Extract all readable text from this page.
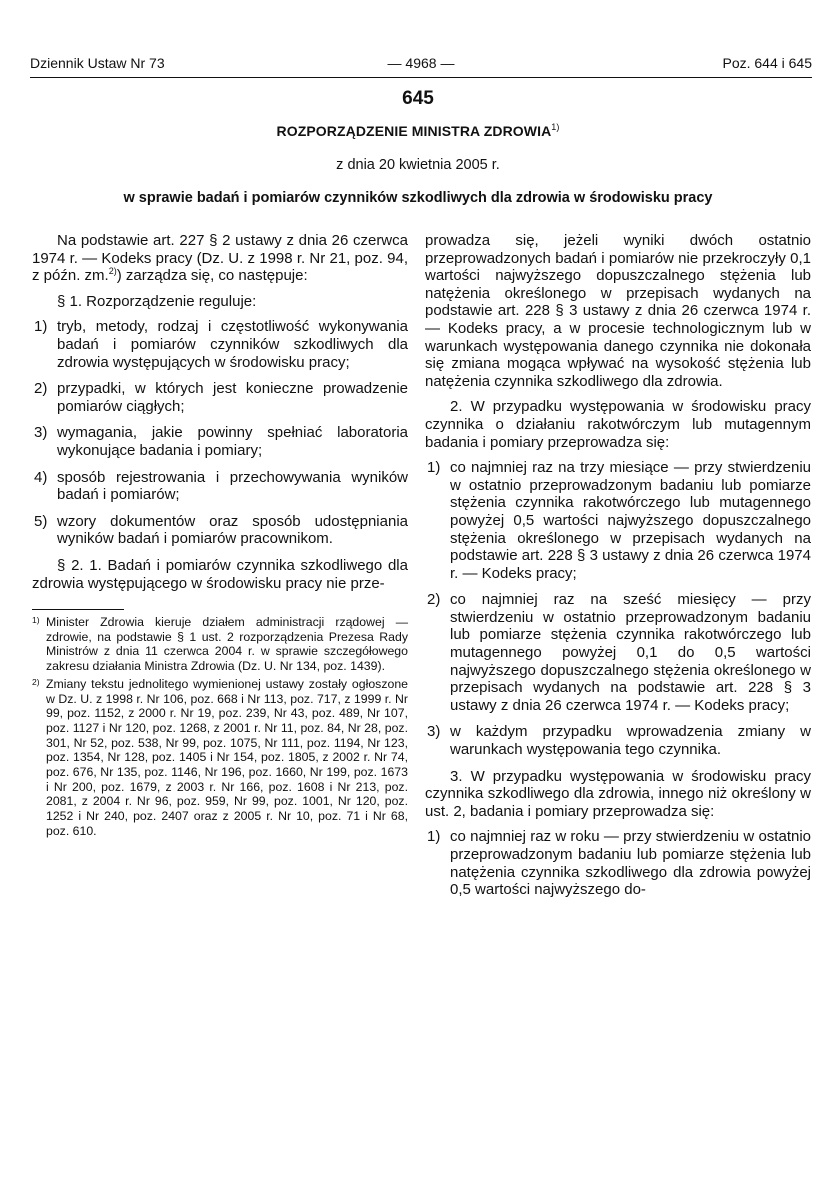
Dziennik Ustaw Nr 73	— 4968 —	Poz. 644 i 645
645
ROZPORZĄDZENIE MINISTRA ZDROWIA$^{1)}$
z dnia 20 kwietnia 2005 r.
w sprawie badań i pomiarów czynników szkodliwych dla zdrowia w środowisku pracy

Na podstawie art. 227 § 2 ustawy z dnia 26 czerwca 1974 r. — Kodeks pracy (Dz. U. z 1998 r. Nr 21, poz. 94, z późn. zm.$^{2)}$) zarządza się, co następuje:

§ 1. Rozporządzenie reguluje:

1) tryb, metody, rodzaj i częstotliwość wykonywania badań i pomiarów czynników szkodliwych dla zdrowia występujących w środowisku pracy;
2) przypadki, w których jest konieczne prowadzenie pomiarów ciągłych;
3) wymagania, jakie powinny spełniać laboratoria wykonujące badania i pomiary;
4) sposób rejestrowania i przechowywania wyników badań i pomiarów;
5) wzory dokumentów oraz sposób udostępniania wyników badań i pomiarów pracownikom.

§ 2. 1. Badań i pomiarów czynnika szkodliwego dla zdrowia występującego w środowisku pracy nie prze-

1) Minister Zdrowia kieruje działem administracji rządowej — zdrowie, na podstawie § 1 ust. 2 rozporządzenia Prezesa Rady Ministrów z dnia 11 czerwca 2004 r. w sprawie szczegółowego zakresu działania Ministra Zdrowia (Dz. U. Nr 134, poz. 1439).
2) Zmiany tekstu jednolitego wymienionej ustawy zostały ogłoszone w Dz. U. z 1998 r. Nr 106, poz. 668 i Nr 113, poz. 717, z 1999 r. Nr 99, poz. 1152, z 2000 r. Nr 19, poz. 239, Nr 43, poz. 489, Nr 107, poz. 1127 i Nr 120, poz. 1268, z 2001 r. Nr 11, poz. 84, Nr 28, poz. 301, Nr 52, poz. 538, Nr 99, poz. 1075, Nr 111, poz. 1194, Nr 123, poz. 1354, Nr 128, poz. 1405 i Nr 154, poz. 1805, z 2002 r. Nr 74, poz. 676, Nr 135, poz. 1146, Nr 196, poz. 1660, Nr 199, poz. 1673 i Nr 200, poz. 1679, z 2003 r. Nr 166, poz. 1608 i Nr 213, poz. 2081, z 2004 r. Nr 96, poz. 959, Nr 99, poz. 1001, Nr 120, poz. 1252 i Nr 240, poz. 2407 oraz z 2005 r. Nr 10, poz. 71 i Nr 68, poz. 610.

prowadza się, jeżeli wyniki dwóch ostatnio przeprowadzonych badań i pomiarów nie przekroczyły 0,1 wartości najwyższego dopuszczalnego stężenia lub natężenia określonego w przepisach wydanych na podstawie art. 228 § 3 ustawy z dnia 26 czerwca 1974 r. — Kodeks pracy, a w procesie technologicznym lub w warunkach występowania danego czynnika nie dokonała się zmiana mogąca wpływać na wysokość stężenia lub natężenia czynnika szkodliwego dla zdrowia.

2. W przypadku występowania w środowisku pracy czynnika o działaniu rakotwórczym lub mutagennym badania i pomiary przeprowadza się:

1) co najmniej raz na trzy miesiące — przy stwierdzeniu w ostatnio przeprowadzonym badaniu lub pomiarze stężenia czynnika rakotwórczego lub mutagennego powyżej 0,5 wartości najwyższego dopuszczalnego stężenia określonego w przepisach wydanych na podstawie art. 228 § 3 ustawy z dnia 26 czerwca 1974 r. — Kodeks pracy;
2) co najmniej raz na sześć miesięcy — przy stwierdzeniu w ostatnio przeprowadzonym badaniu lub pomiarze stężenia czynnika rakotwórczego lub mutagennego powyżej 0,1 do 0,5 wartości najwyższego dopuszczalnego stężenia określonego w przepisach wydanych na podstawie art. 228 § 3 ustawy z dnia 26 czerwca 1974 r. — Kodeks pracy;
3) w każdym przypadku wprowadzenia zmiany w warunkach występowania tego czynnika.

3. W przypadku występowania w środowisku pracy czynnika szkodliwego dla zdrowia, innego niż określony w ust. 2, badania i pomiary przeprowadza się:

1) co najmniej raz w roku — przy stwierdzeniu w ostatnio przeprowadzonym badaniu lub pomiarze stężenia lub natężenia czynnika szkodliwego dla zdrowia powyżej 0,5 wartości najwyższego do-
